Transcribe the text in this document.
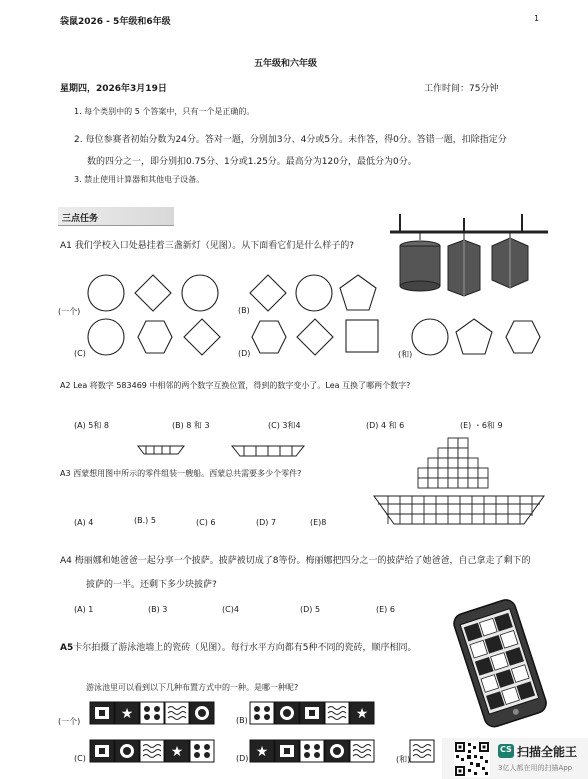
袋鼠2026 - 5年级和6年级	1
五年级和六年级
星期四，2026年3月19日	工作时间：75分钟
1. 每个类别中的 5 个答案中，只有一个是正确的。
2. 每位参赛者初始分数为24分。答对一题，分别加3分、4分或5分。未作答，得0分。答错一题，扣除指定分
数的四分之一，即分别扣0.75分、1分或1.25分。最高分为120分，最低分为0分。
3. 禁止使用计算器和其他电子设备。
三点任务
A1 我们学校入口处悬挂着三盏新灯（见图）。从下面看它们是什么样子的?
(一个)	(B)
(C)	(D)	(和)
A2 Lea 将数字 583469 中相邻的两个数字互换位置，得到的数字变小了。Lea 互换了哪两个数字?
(A) 5和 8	(B) 8 和 3	(C) 3和4	(D) 4 和 6	(E) ・6和 9
A3 西蒙想用图中所示的零件组装一艘船。西蒙总共需要多少个零件?
(A) 4	(B.) 5	(C) 6	(D) 7	(E)8
A4 梅丽娜和她爸爸一起分享一个披萨。披萨被切成了8等份。梅丽娜把四分之一的披萨给了她爸爸，自己拿走了剩下的
披萨的一半。还剩下多少块披萨?
(A) 1	(B) 3	(C)4	(D) 5	(E) 6
A5卡尔拍摄了游泳池墙上的瓷砖（见图）。每行水平方向都有5种不同的瓷砖，顺序相同。
游泳池里可以看到以下几种布置方式中的一种。是哪一种呢?
(一个)	(B)
(C)	(D)	(和)
★	★
★	★	CS 扫描全能王
3亿人都在用的扫描App
